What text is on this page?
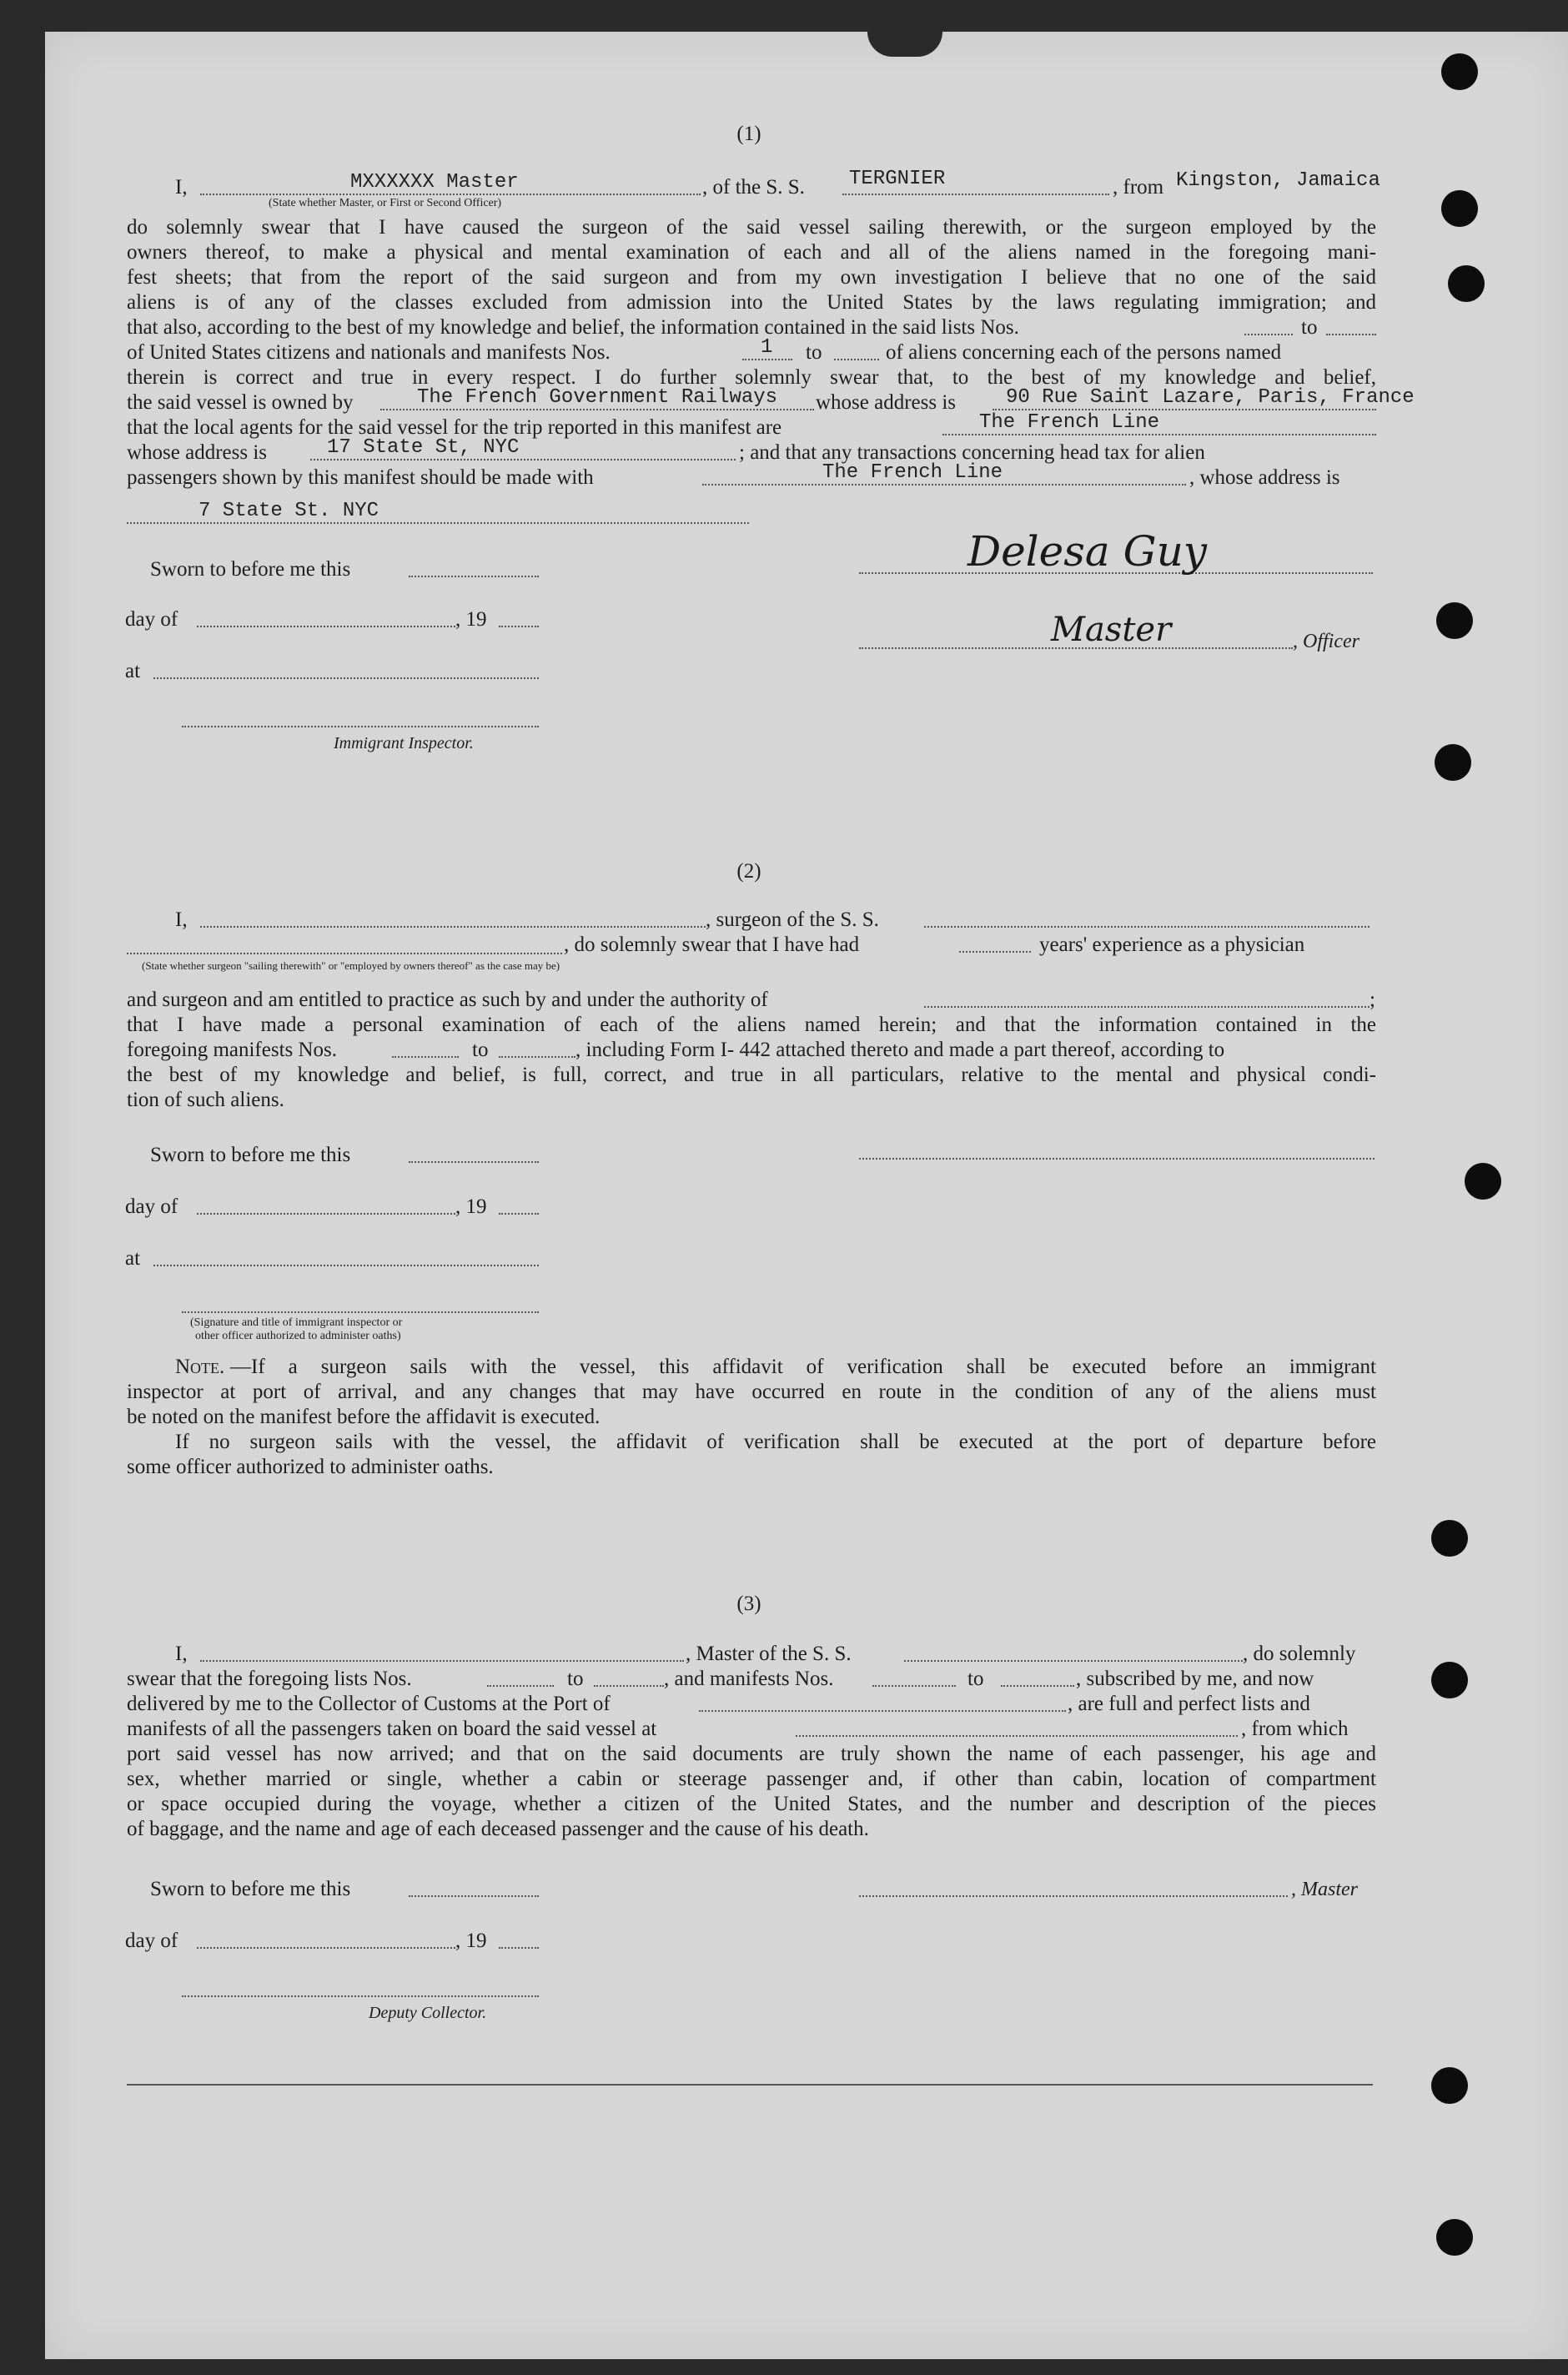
(1)
I,	MXXXXXX Master
(State whether Master, or First or Second Officer)
, of the S. S. TERGNIER	, from Kingston, Jamaica
do solemnly swear that I have caused the surgeon of the said vessel sailing therewith, or the surgeon employed by the
owners thereof, to make a physical and mental examination of each and all of the aliens named in the foregoing mani-
fest sheets; that from the report of the said surgeon and from my own investigation I believe that no one of the said
aliens is of any of the classes excluded from admission into the United States by the laws regulating immigration; and
that also, according to the best of my knowledge and belief, the information contained in the said lists Nos.	to
of United States citizens and nationals and manifests Nos.	1 to	of aliens concerning each of the persons named
therein is correct and true in every respect. I do further solemnly swear that, to the best of my knowledge and belief,
the said vessel is owned by	The French Government Railways whose address is 90 Rue Saint Lazare, Paris, France
that the local agents for the said vessel for the trip reported in this manifest are	The French Line
whose address is	17 State St, NYC	; and that any transactions concerning head tax for alien
passengers shown by this manifest should be made with	The French Line	, whose address is
7 State St. NYC
Sworn to before me this
day of	, 19
at
Immigrant Inspector.
Delesa Guy
Master	, Officer
(2)
I,	, surgeon of the S. S.
, do solemnly swear that I have had	years' experience as a physician
(State whether surgeon "sailing therewith" or "employed by owners thereof" as the case may be)
and surgeon and am entitled to practice as such by and under the authority of	;
that I have made a personal examination of each of the aliens named herein; and that the information contained in the
foregoing manifests Nos.	to	, including Form I- 442 attached thereto and made a part thereof, according to
the best of my knowledge and belief, is full, correct, and true in all particulars, relative to the mental and physical condi-
tion of such aliens.
Sworn to before me this
day of	, 19
at
(Signature and title of immigrant inspector or
other officer authorized to administer oaths)
Note. —If a surgeon sails with the vessel, this affidavit of verification shall be executed before an immigrant
inspector at port of arrival, and any changes that may have occurred en route in the condition of any of the aliens must
be noted on the manifest before the affidavit is executed.
If no surgeon sails with the vessel, the affidavit of verification shall be executed at the port of departure before
some officer authorized to administer oaths.
(3)
I,	, Master of the S. S.	, do solemnly
swear that the foregoing lists Nos.	to	, and manifests Nos.	to	, subscribed by me, and now
delivered by me to the Collector of Customs at the Port of	, are full and perfect lists and
manifests of all the passengers taken on board the said vessel at	, from which
port said vessel has now arrived; and that on the said documents are truly shown the name of each passenger, his age and
sex, whether married or single, whether a cabin or steerage passenger and, if other than cabin, location of compartment
or space occupied during the voyage, whether a citizen of the United States, and the number and description of the pieces
of baggage, and the name and age of each deceased passenger and the cause of his death.
Sworn to before me this	, Master
day of	, 19
Deputy Collector.
